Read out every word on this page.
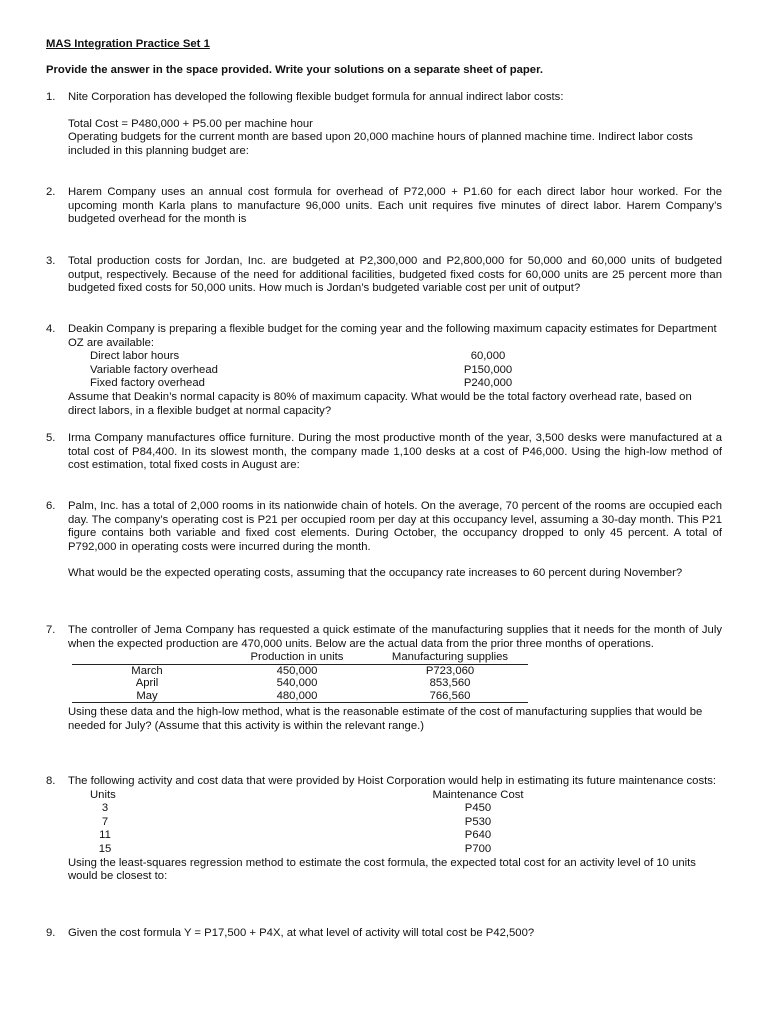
MAS Integration Practice Set 1
Provide the answer in the space provided. Write your solutions on a separate sheet of paper.
1.	Nite Corporation has developed the following flexible budget formula for annual indirect labor costs:

Total Cost = P480,000 + P5.00 per machine hour

Operating budgets for the current month are based upon 20,000 machine hours of planned machine time. Indirect labor costs included in this planning budget are:

2.	Harem Company uses an annual cost formula for overhead of P72,000 + P1.60 for each direct labor hour worked. For the upcoming month Karla plans to manufacture 96,000 units. Each unit requires five minutes of direct labor. Harem Company’s budgeted overhead for the month is

3.	Total production costs for Jordan, Inc. are budgeted at P2,300,000 and P2,800,000 for 50,000 and 60,000 units of budgeted output, respectively. Because of the need for additional facilities, budgeted fixed costs for 60,000 units are 25 percent more than budgeted fixed costs for 50,000 units. How much is Jordan’s budgeted variable cost per unit of output?

4.	Deakin Company is preparing a flexible budget for the coming year and the following maximum capacity estimates for Department OZ are available:

Direct labor hours	60,000
Variable factory overhead	P150,000
Fixed factory overhead	P240,000

Assume that Deakin’s normal capacity is 80% of maximum capacity. What would be the total factory overhead rate, based on direct labors, in a flexible budget at normal capacity?

5.	Irma Company manufactures office furniture. During the most productive month of the year, 3,500 desks were manufactured at a total cost of P84,400. In its slowest month, the company made 1,100 desks at a cost of P46,000. Using the high-low method of cost estimation, total fixed costs in August are:

6.	Palm, Inc. has a total of 2,000 rooms in its nationwide chain of hotels. On the average, 70 percent of the rooms are occupied each day. The company’s operating cost is P21 per occupied room per day at this occupancy level, assuming a 30-day month. This P21 figure contains both variable and fixed cost elements. During October, the occupancy dropped to only 45 percent. A total of P792,000 in operating costs were incurred during the month.

What would be the expected operating costs, assuming that the occupancy rate increases to 60 percent during November?

7.	The controller of Jema Company has requested a quick estimate of the manufacturing supplies that it needs for the month of July when the expected production are 470,000 units. Below are the actual data from the prior three months of operations.

	Production in units	Manufacturing supplies
March	450,000	P723,060
April	540,000	853,560
May	480,000	766,560

Using these data and the high-low method, what is the reasonable estimate of the cost of manufacturing supplies that would be needed for July? (Assume that this activity is within the relevant range.)

8.	The following activity and cost data that were provided by Hoist Corporation would help in estimating its future maintenance costs:

Units	Maintenance Cost
3	P450
7	P530
11	P640
15	P700

Using the least-squares regression method to estimate the cost formula, the expected total cost for an activity level of 10 units would be closest to:

9.	Given the cost formula Y = P17,500 + P4X, at what level of activity will total cost be P42,500?
